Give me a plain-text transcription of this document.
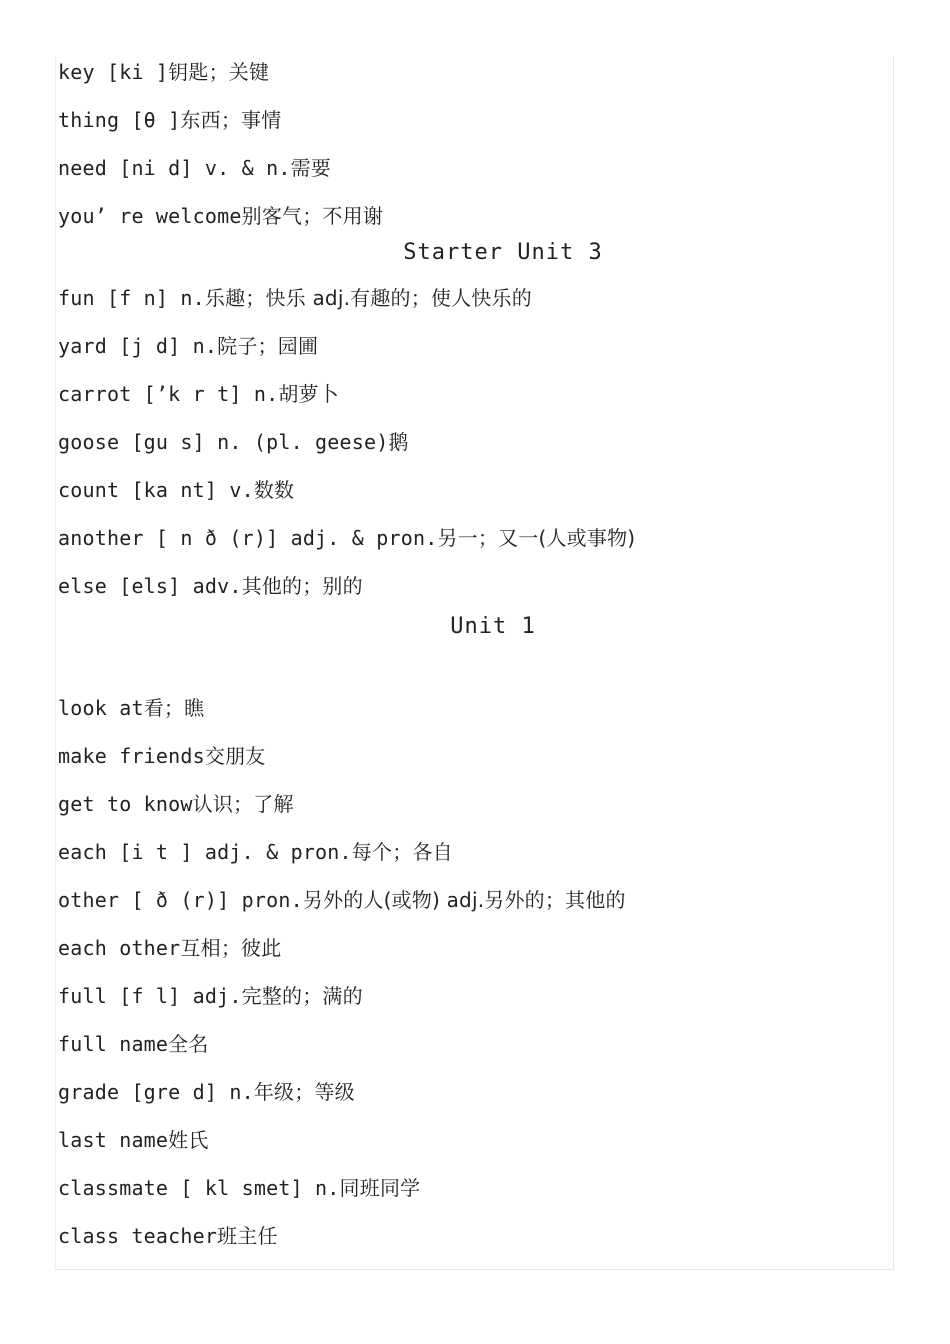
key [ki ]钥匙；关键
thing [θ ]东西；事情
need [ni d] v. & n.需要
you’ re welcome别客气；不用谢
Starter Unit 3
fun [f n] n.乐趣；快乐 adj.有趣的；使人快乐的
yard [j d] n.院子；园圃
carrot [’k r t] n.胡萝卜
goose [gu s] n. (pl. geese)鹅
count [ka nt] v.数数
another [ n ð (r)] adj. & pron.另一；又一(人或事物)
else [els] adv.其他的；别的
Unit 1
look at看；瞧
make friends交朋友
get to know认识；了解
each [i t ] adj. & pron.每个；各自
other [ ð (r)] pron.另外的人(或物) adj.另外的；其他的
each other互相；彼此
full [f l] adj.完整的；满的
full name全名
grade [gre d] n.年级；等级
last name姓氏
classmate [ kl smet] n.同班同学
class teacher班主任
